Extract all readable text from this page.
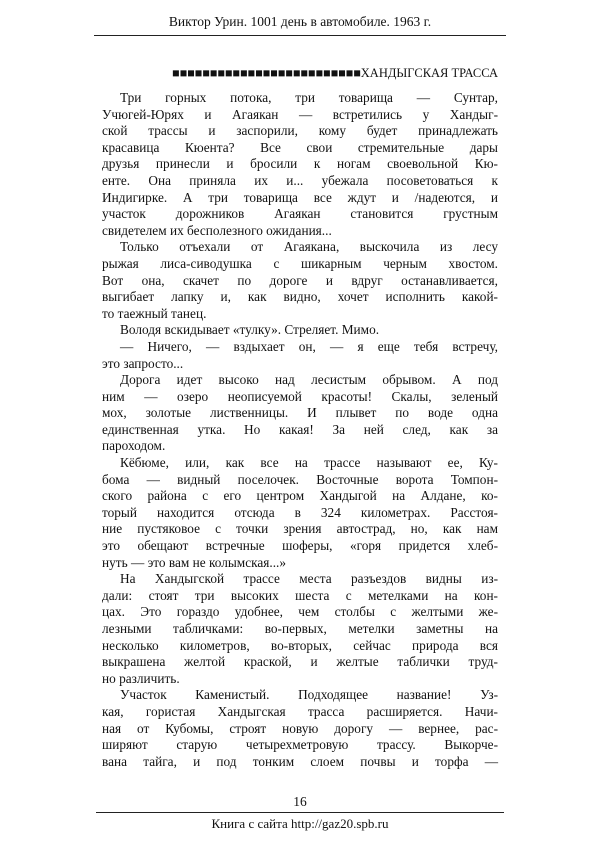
Виктор Урин. 1001 день в автомобиле. 1963 г.
■■■■■■■■■■■■■■■■■■■■■■■■■ХАНДЫГСКАЯ ТРАССА
Три горных потока, три товарища — Сунтар,
Учюгей-Юрях и Агаякан — встретились у Хандыг-
ской трассы и заспорили, кому будет принадлежать
красавица Кюента? Все свои стремительные дары
друзья принесли и бросили к ногам своевольной Кю-
енте. Она приняла их и... убежала посоветоваться к
Индигирке. А три товарища все ждут и /надеются, и
участок дорожников Агаякан становится грустным
свидетелем их бесполезного ожидания...
Только отъехали от Агаякана, выскочила из лесу
рыжая лиса-сиводушка с шикарным черным хвостом.
Вот она, скачет по дороге и вдруг останавливается,
выгибает лапку и, как видно, хочет исполнить какой-
то таежный танец.
Володя вскидывает «тулку». Стреляет. Мимо.
— Ничего, — вздыхает он, — я еще тебя встречу,
это запросто...
Дорога идет высоко над лесистым обрывом. А под
ним — озеро неописуемой красоты! Скалы, зеленый
мох, золотые лиственницы. И плывет по воде одна
единственная утка. Но какая! За ней след, как за
пароходом.
Кёбюме, или, как все на трассе называют ее, Ку-
бома — видный поселочек. Восточные ворота Томпон-
ского района с его центром Хандыгой на Алдане, ко-
торый находится отсюда в 324 километрах. Расстоя-
ние пустяковое с точки зрения автострад, но, как нам
это обещают встречные шоферы, «горя придется хлеб-
нуть — это вам не колымская...»
На Хандыгской трассе места разъездов видны из-
дали: стоят три высоких шеста с метелками на кон-
цах. Это гораздо удобнее, чем столбы с желтыми же-
лезными табличками: во-первых, метелки заметны на
несколько километров, во-вторых, сейчас природа вся
выкрашена желтой краской, и желтые таблички труд-
но различить.
Участок Каменистый. Подходящее название! Уз-
кая, гористая Хандыгская трасса расширяется. Начи-
ная от Кубомы, строят новую дорогу — вернее, рас-
ширяют старую четырехметровую трассу. Выкорче-
вана тайга, и под тонким слоем почвы и торфа —
16
Книга с сайта http://gaz20.spb.ru
